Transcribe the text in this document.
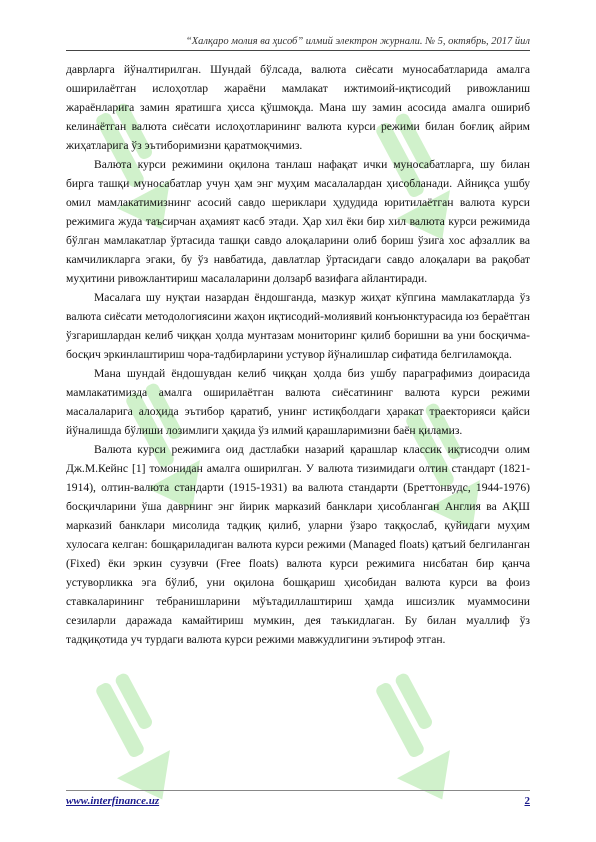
“Халқаро молия ва ҳисоб” илмий электрон журнали. № 5, октябрь, 2017 йил

даврларга йўналтирилган. Шундай бўлсада, валюта сиёсати муносабатларида амалга оширилаётган ислоҳотлар жараёни мамлакат ижтимоий-иқтисодий ривожланиш жараёнларига замин яратишга ҳисса қўшмоқда. Мана шу замин асосида амалга ошириб келинаётган валюта сиёсати ислоҳотларининг валюта курси режими билан боғлиқ айрим жиҳатларига ўз эътиборимизни қаратмоқчимиз.

Валюта курси режимини оқилона танлаш нафақат ички муносабатларга, шу билан бирга ташқи муносабатлар учун ҳам энг муҳим масалалардан ҳисобланади. Айниқса ушбу омил мамлакатимизнинг асосий савдо шериклари ҳудудида юритилаётган валюта курси режимига жуда таъсирчан аҳамият касб этади. Ҳар хил ёки бир хил валюта курси режимида бўлган мамлакатлар ўртасида ташқи савдо алоқаларини олиб бориш ўзига хос афзаллик ва камчиликларга эгаки, бу ўз навбатида, давлатлар ўртасидаги савдо алоқалари ва рақобат муҳитини ривожлантириш масалаларини долзарб вазифага айлантиради.

Масалага шу нуқтаи назардан ёндошганда, мазкур жиҳат кўпгина мамлакатларда ўз валюта сиёсати методологиясини жаҳон иқтисодий-молиявий конъюнктурасида юз бераётган ўзгаришлардан келиб чиққан ҳолда мунтазам мониторинг қилиб боришни ва уни босқичма-босқич эркинлаштириш чора-тадбирларини устувор йўналишлар сифатида белгиламоқда.

Мана шундай ёндошувдан келиб чиққан ҳолда биз ушбу параграфимиз доирасида мамлакатимизда амалга оширилаётган валюта сиёсатининг валюта курси режими масалаларига алоҳида эътибор қаратиб, унинг истиқболдаги ҳаракат траекторияси қайси йўналишда бўлиши лозимлиги ҳақида ўз илмий қарашларимизни баён қиламиз.

Валюта курси режимига оид дастлабки назарий қарашлар классик иқтисодчи олим Дж.М.Кейнс [1] томонидан амалга оширилган. У валюта тизимидаги олтин стандарт (1821-1914), олтин-валюта стандарти (1915-1931) ва валюта стандарти (Бреттонвудс, 1944-1976) босқичларини ўша даврнинг энг йирик марказий банклари ҳисобланган Англия ва АҚШ марказий банклари мисолида тадқиқ қилиб, уларни ўзаро таққослаб, қуйидаги муҳим хулосага келган: бошқариладиган валюта курси режими (Managed floats) қатъий белгиланган (Fixed) ёки эркин сузувчи (Free floats) валюта курси режимига нисбатан бир қанча устуворликка эга бўлиб, уни оқилона бошқариш ҳисобидан валюта курси ва фоиз ставкаларининг тебранишларини мўътадиллаштириш ҳамда ишсизлик муаммосини сезиларли даражада камайтириш мумкин, дея таъкидлаган. Бу билан муаллиф ўз тадқиқотида уч турдаги валюта курси режими мавжудлигини эътироф этган.

www.interfinance.uz	2
